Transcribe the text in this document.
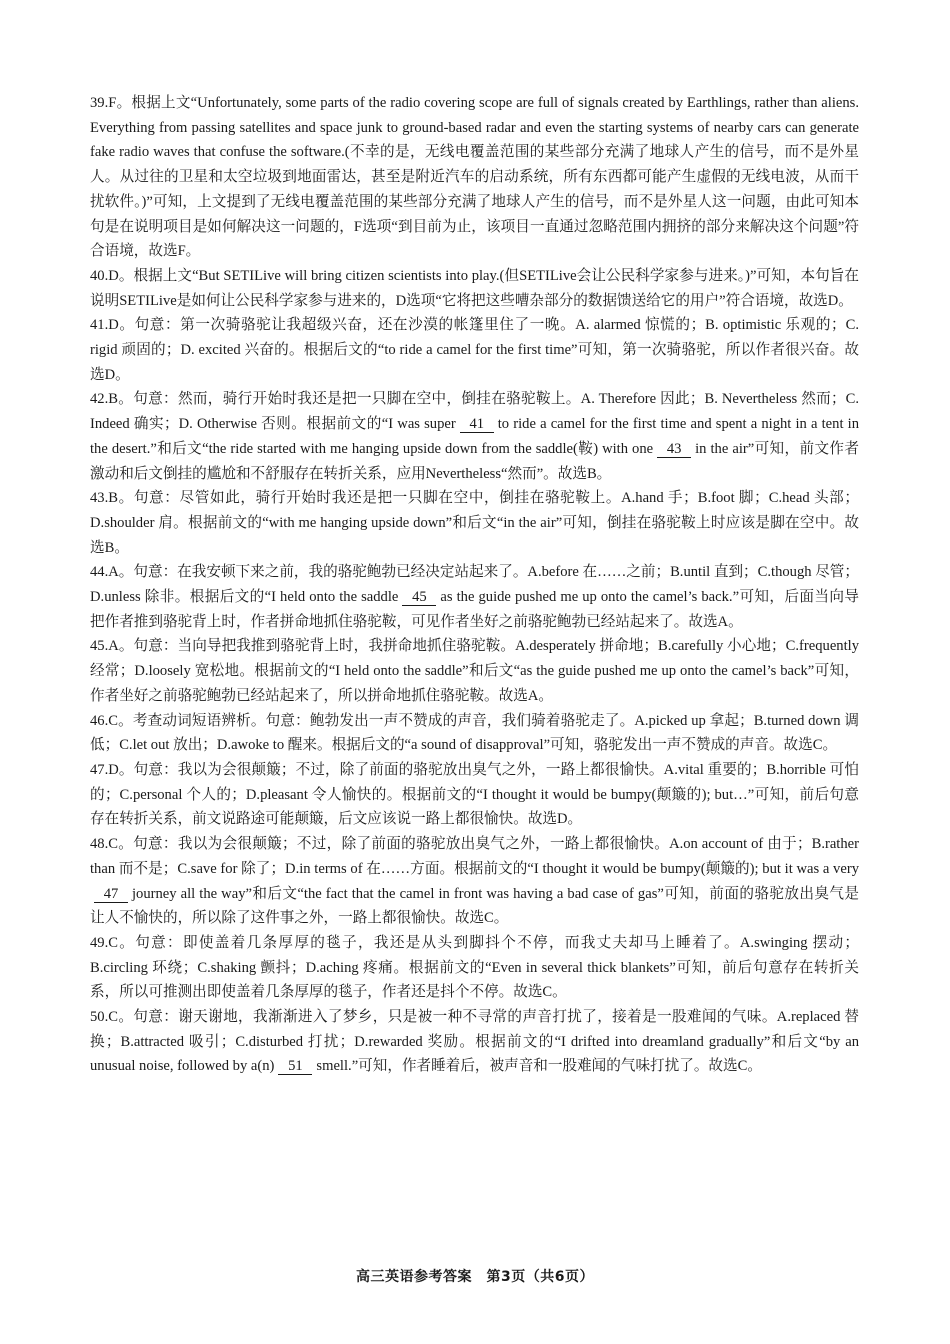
39.F。根据上文“Unfortunately, some parts of the radio covering scope are full of signals created by Earthlings, rather than aliens. Everything from passing satellites and space junk to ground-based radar and even the starting systems of nearby cars can generate fake radio waves that confuse the software.(不幸的是，无线电覆盖范围的某些部分充满了地球人产生的信号，而不是外星人。从过往的卫星和太空垃圾到地面雷达，甚至是附近汽车的启动系统，所有东西都可能产生虚假的无线电波，从而干扰软件。)”可知，上文提到了无线电覆盖范围的某些部分充满了地球人产生的信号，而不是外星人这一问题，由此可知本句是在说明项目是如何解决这一问题的，F选项“到目前为止，该项目一直通过忽略范围内拥挤的部分来解决这个问题”符合语境，故选F。

40.D。根据上文“But SETILive will bring citizen scientists into play.(但SETILive会让公民科学家参与进来。)”可知，本句旨在说明SETILive是如何让公民科学家参与进来的，D选项“它将把这些嘈杂部分的数据馈送给它的用户”符合语境，故选D。

41.D。句意：第一次骑骆驼让我超级兴奋，还在沙漠的帐篷里住了一晚。A. alarmed 惊慌的；B. optimistic 乐观的；C. rigid 顽固的；D. excited 兴奋的。根据后文的“to ride a camel for the first time”可知，第一次骑骆驼，所以作者很兴奋。故选D。

42.B。句意：然而，骑行开始时我还是把一只脚在空中，倒挂在骆驼鞍上。A. Therefore 因此；B. Nevertheless 然而；C. Indeed 确实；D. Otherwise 否则。根据前文的“I was super 41 to ride a camel for the first time and spent a night in a tent in the desert.”和后文“the ride started with me hanging upside down from the saddle(鞍) with one 43 in the air”可知，前文作者激动和后文倒挂的尴尬和不舒服存在转折关系，应用Nevertheless“然而”。故选B。

43.B。句意：尽管如此，骑行开始时我还是把一只脚在空中，倒挂在骆驼鞍上。A.hand 手；B.foot 脚；C.head 头部；D.shoulder 肩。根据前文的“with me hanging upside down”和后文“in the air”可知，倒挂在骆驼鞍上时应该是脚在空中。故选B。

44.A。句意：在我安顿下来之前，我的骆驼鲍勃已经决定站起来了。A.before 在……之前；B.until 直到；C.though 尽管；D.unless 除非。根据后文的“I held onto the saddle 45 as the guide pushed me up onto the camel’s back.”可知，后面当向导把作者推到骆驼背上时，作者拼命地抓住骆驼鞍，可见作者坐好之前骆驼鲍勃已经站起来了。故选A。

45.A。句意：当向导把我推到骆驼背上时，我拼命地抓住骆驼鞍。A.desperately 拼命地；B.carefully 小心地；C.frequently 经常；D.loosely 宽松地。根据前文的“I held onto the saddle”和后文“as the guide pushed me up onto the camel’s back”可知，作者坐好之前骆驼鲍勃已经站起来了，所以拼命地抓住骆驼鞍。故选A。

46.C。考查动词短语辨析。句意：鲍勃发出一声不赞成的声音，我们骑着骆驼走了。A.picked up 拿起；B.turned down 调低；C.let out 放出；D.awoke to 醒来。根据后文的“a sound of disapproval”可知，骆驼发出一声不赞成的声音。故选C。

47.D。句意：我以为会很颠簸；不过，除了前面的骆驼放出臭气之外，一路上都很愉快。A.vital 重要的；B.horrible 可怕的；C.personal 个人的；D.pleasant 令人愉快的。根据前文的“I thought it would be bumpy(颠簸的); but…”可知，前后句意存在转折关系，前文说路途可能颠簸，后文应该说一路上都很愉快。故选D。

48.C。句意：我以为会很颠簸；不过，除了前面的骆驼放出臭气之外，一路上都很愉快。A.on account of 由于；B.rather than 而不是；C.save for 除了；D.in terms of 在……方面。根据前文的“I thought it would be bumpy(颠簸的); but it was a very47 journey all the way”和后文“the fact that the camel in front was having a bad case of gas”可知，前面的骆驼放出臭气是让人不愉快的，所以除了这件事之外，一路上都很愉快。故选C。

49.C。句意：即使盖着几条厚厚的毯子，我还是从头到脚抖个不停，而我丈夫却马上睡着了。A.swinging 摆动；B.circling 环绕；C.shaking 颤抖；D.aching 疼痛。根据前文的“Even in several thick blankets”可知，前后句意存在转折关系，所以可推测出即使盖着几条厚厚的毯子，作者还是抖个不停。故选C。

50.C。句意：谢天谢地，我渐渐进入了梦乡，只是被一种不寻常的声音打扰了，接着是一股难闻的气味。A.replaced 替换；B.attracted 吸引；C.disturbed 打扰；D.rewarded 奖励。根据前文的“I drifted into dreamland gradually”和后文“by an unusual noise, followed by a(n) 51 smell.”可知，作者睡着后，被声音和一股难闻的气味打扰了。故选C。

高三英语参考答案　第3页（共6页）
